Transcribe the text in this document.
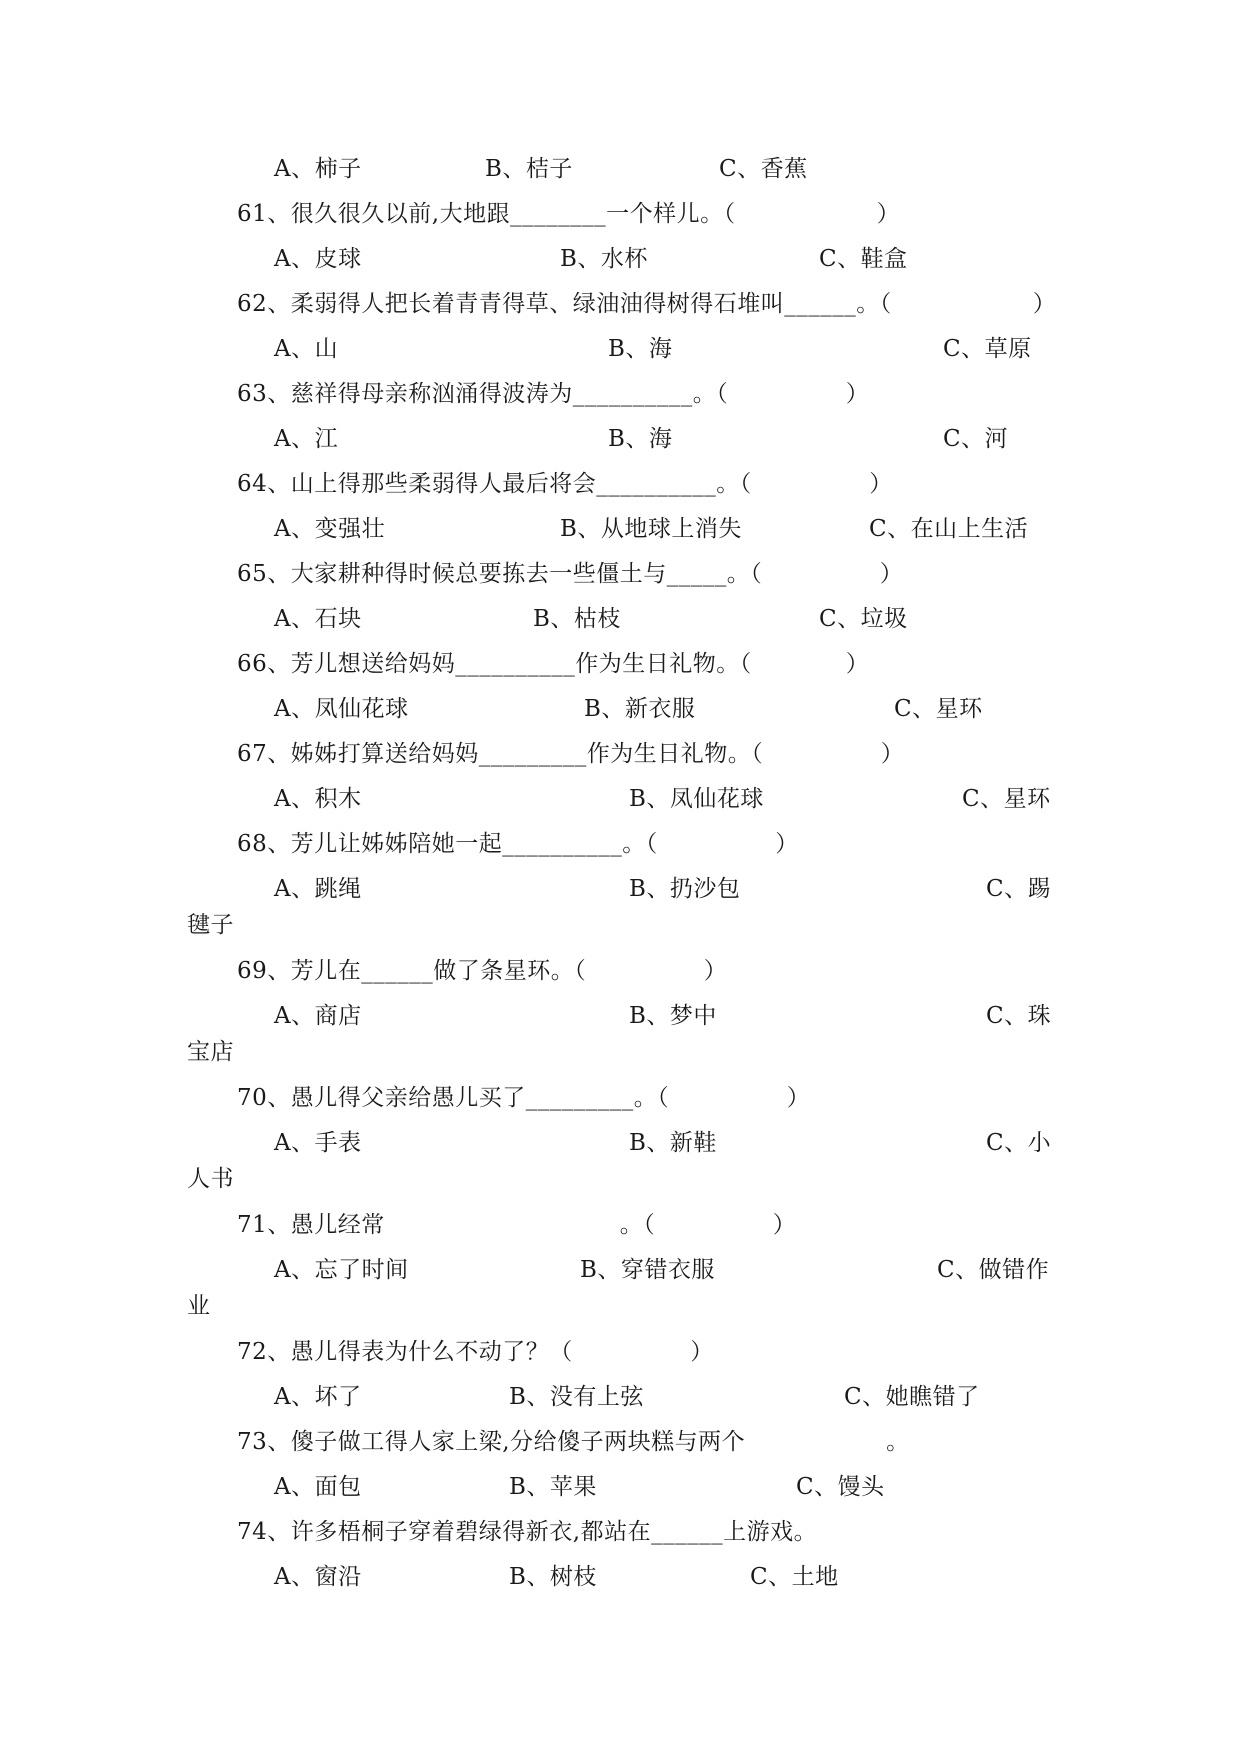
A、柿子	B、桔子	C、香蕉
61、很久很久以前,大地跟________一个样儿。（　　　　　　）
A、皮球	B、水杯	C、鞋盒
62、柔弱得人把长着青青得草、绿油油得树得石堆叫______。（　　　　　　）
A、山	B、海	C、草原
63、慈祥得母亲称汹涌得波涛为__________。（　　　　　）
A、江	B、海	C、河
64、山上得那些柔弱得人最后将会__________。（　　　　　）
A、变强壮	B、从地球上消失	C、在山上生活
65、大家耕种得时候总要拣去一些僵土与_____。（　　　　　）
A、石块	B、枯枝	C、垃圾
66、芳儿想送给妈妈__________作为生日礼物。（　　　　）
A、凤仙花球	B、新衣服	C、星环
67、姊姊打算送给妈妈_________作为生日礼物。（　　　　　）
A、积木	B、凤仙花球	C、星环
68、芳儿让姊姊陪她一起__________。（　　　　　）
A、跳绳	B、扔沙包	C、踢
毽子
69、芳儿在______做了条星环。（　　　　　）
A、商店	B、梦中	C、珠
宝店
70、愚儿得父亲给愚儿买了_________。（　　　　　）
A、手表	B、新鞋	C、小
人书
71、愚儿经常　　　　　　　　　　。（　　　　　）
A、忘了时间	B、穿错衣服	C、做错作
业
72、愚儿得表为什么不动了？（　　　　　）
A、坏了	B、没有上弦	C、她瞧错了
73、傻子做工得人家上梁,分给傻子两块糕与两个　　　　　　。
A、面包	B、苹果	C、馒头
74、许多梧桐子穿着碧绿得新衣,都站在______上游戏。
A、窗沿	B、树枝	C、土地
